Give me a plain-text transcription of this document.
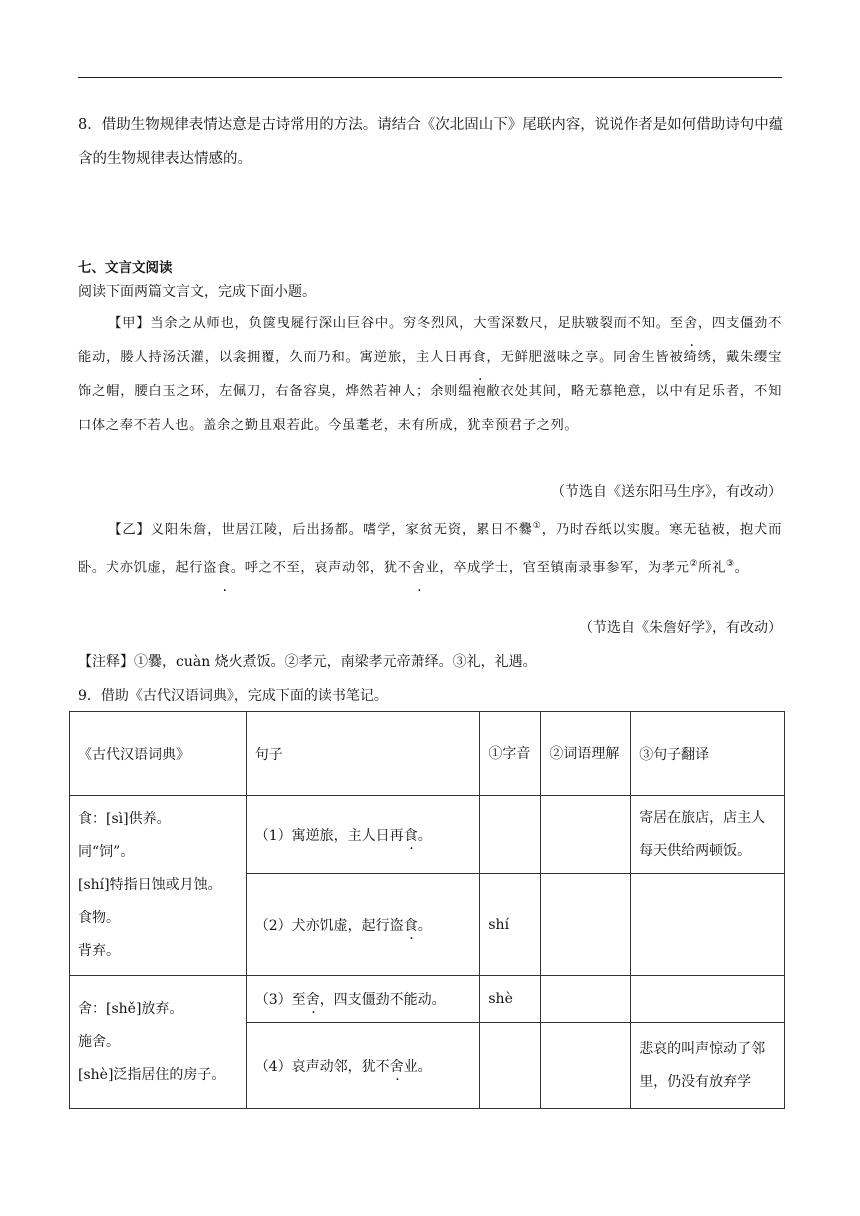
8．借助生物规律表情达意是古诗常用的方法。请结合《次北固山下》尾联内容，说说作者是如何借助诗句中蕴含的生物规律表达情感的。
七、文言文阅读
阅读下面两篇文言文，完成下面小题。
【甲】当余之从师也，负箧曳屣行深山巨谷中。穷冬烈风，大雪深数尺，足肤皲裂而不知。至舍，四支僵劲不能动，媵人持汤沃灌，以衾拥覆，久而乃和。寓逆旅，主人日再食，无鲜肥滋味之享。同舍生皆被绮绣，戴朱缨宝饰之帽，腰白玉之环，左佩刀，右备容臭，烨然若神人；余则缊袍敝衣处其间，略无慕艳意，以中有足乐者，不知口体之奉不若人也。盖余之勤且艰若此。今虽耄老，未有所成，犹幸预君子之列。
（节选自《送东阳马生序》，有改动）
【乙】义阳朱詹，世居江陵，后出扬都。嗜学，家贫无资，累日不爨①，乃时吞纸以实腹。寒无毡被，抱犬而卧。犬亦饥虚，起行盗食。呼之不至，哀声动邻，犹不舍业，卒成学士，官至镇南录事参军，为孝元②所礼③。
（节选自《朱詹好学》，有改动）
【注释】①爨，cuàn 烧火煮饭。②孝元，南梁孝元帝萧绎。③礼，礼遇。
9．借助《古代汉语词典》，完成下面的读书笔记。
《古代汉语词典》	句子	①字音	②词语理解	③句子翻译

食：[sì]供养。
同“饲”。
[shí]特指日蚀或月蚀。
食物。
背弃。	（1）寓逆旅，主人日再食。			寄居在旅店，店主人每天供给两顿饭。
	（2）犬亦饥虚，起行盗食。	shí		

舍：[shě]放弃。
施舍。
[shè]泛指居住的房子。	（3）至舍，四支僵劲不能动。	shè		
	（4）哀声动邻，犹不舍业。			悲哀的叫声惊动了邻里，仍没有放弃学
